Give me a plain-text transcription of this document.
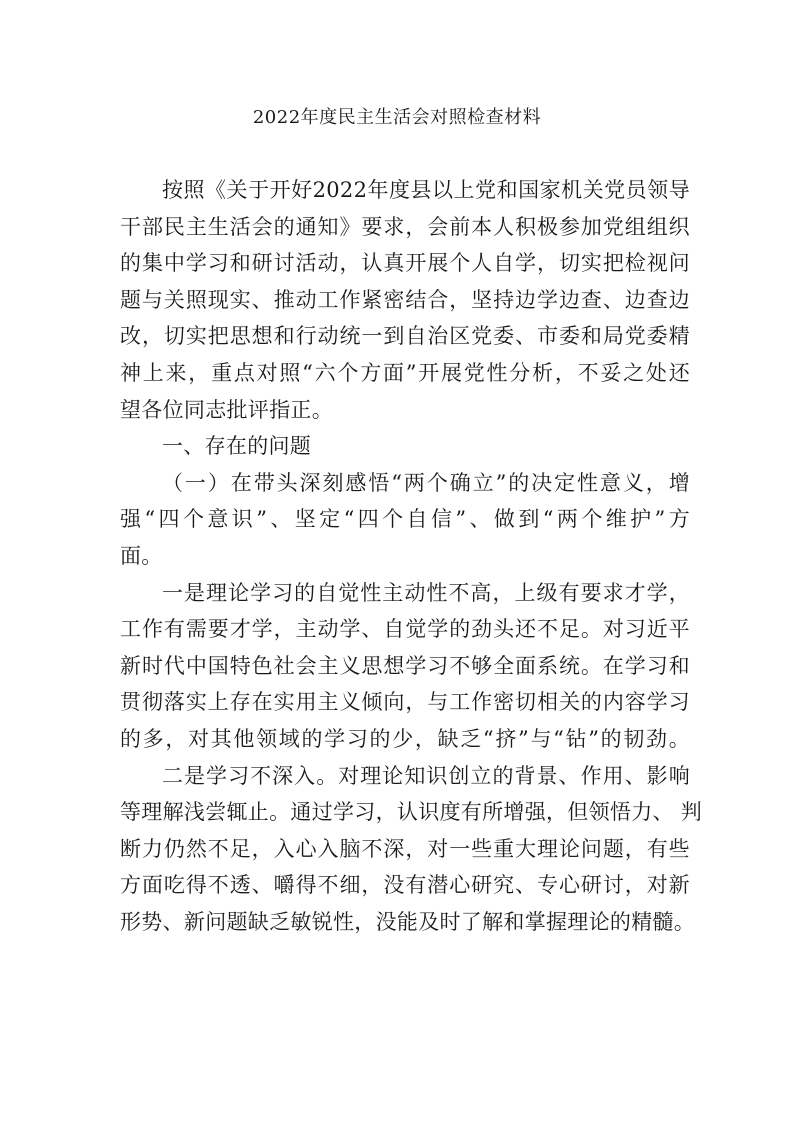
2022年度民主生活会对照检查材料
按照《关于开好2022年度县以上党和国家机关党员领导
干部民主生活会的通知》要求，会前本人积极参加党组组织
的集中学习和研讨活动，认真开展个人自学，切实把检视问
题与关照现实、推动工作紧密结合，坚持边学边查、边查边
改，切实把思想和行动统一到自治区党委、市委和局党委精
神上来，重点对照“六个方面”开展党性分析，不妥之处还
望各位同志批评指正。
一、存在的问题
（一）在带头深刻感悟“两个确立”的决定性意义，增
强“四个意识”、坚定“四个自信”、做到“两个维护”方
面。
一是理论学习的自觉性主动性不高，上级有要求才学，
工作有需要才学，主动学、自觉学的劲头还不足。对习近平
新时代中国特色社会主义思想学习不够全面系统。在学习和
贯彻落实上存在实用主义倾向，与工作密切相关的内容学习
的多，对其他领域的学习的少，缺乏“挤”与“钻”的韧劲。
二是学习不深入。对理论知识创立的背景、作用、影响
等理解浅尝辄止。通过学习，认识度有所增强，但领悟力、 判
断力仍然不足，入心入脑不深，对一些重大理论问题，有些
方面吃得不透、嚼得不细，没有潜心研究、专心研讨，对新
形势、新问题缺乏敏锐性，没能及时了解和掌握理论的精髓。
